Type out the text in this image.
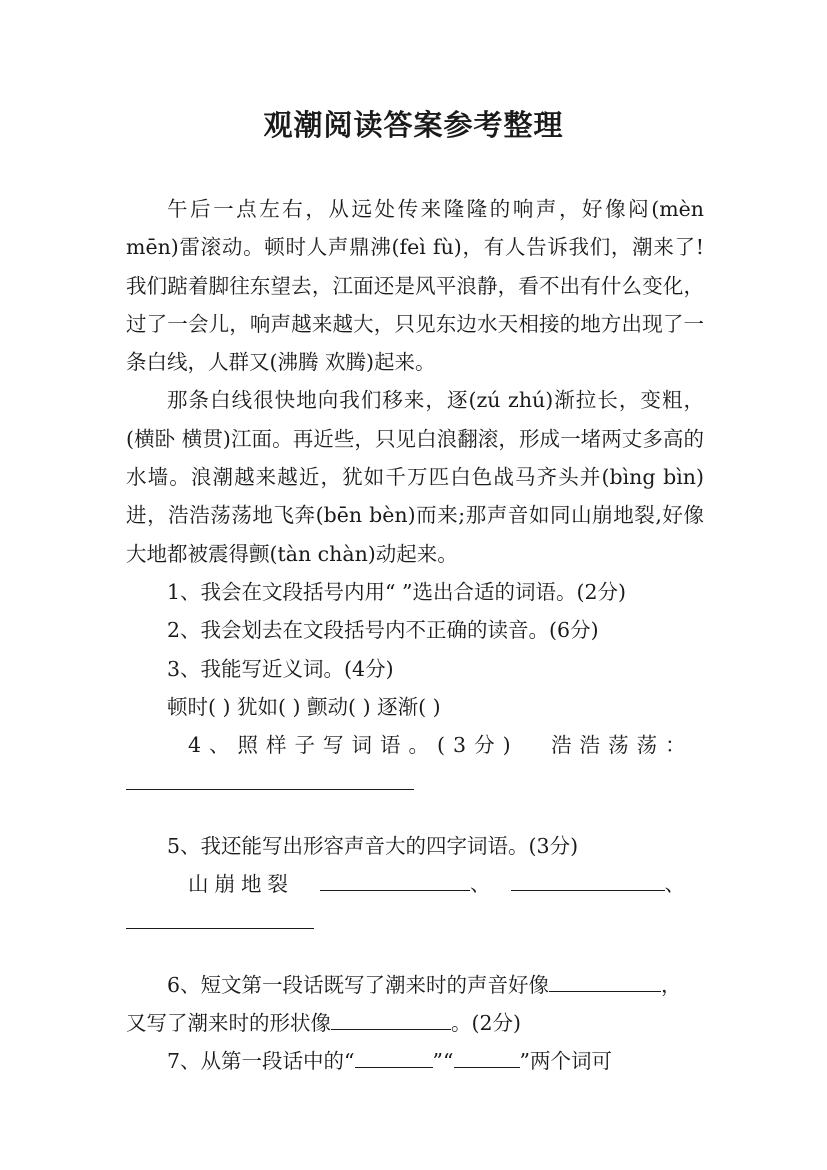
观潮阅读答案参考整理

午后一点左右，从远处传来隆隆的响声，好像闷(mèn mēn)雷滚动。顿时人声鼎沸(feì fù)，有人告诉我们，潮来了!我们踮着脚往东望去，江面还是风平浪静，看不出有什么变化，过了一会儿，响声越来越大，只见东边水天相接的地方出现了一条白线，人群又(沸腾 欢腾)起来。

那条白线很快地向我们移来，逐(zú zhú)渐拉长，变粗，(横卧 横贯)江面。再近些，只见白浪翻滚，形成一堵两丈多高的水墙。浪潮越来越近，犹如千万匹白色战马齐头并(bìng bìn)进，浩浩荡荡地飞奔(bēn bèn)而来;那声音如同山崩地裂,好像大地都被震得颤(tàn chàn)动起来。

1、我会在文段括号内用“ ”选出合适的词语。(2分)

2、我会划去在文段括号内不正确的读音。(6分)

3、我能写近义词。(4分)

顿时( ) 犹如( ) 颤动( ) 逐渐( )

4、照样子写词语。(3分) 浩浩荡荡：

5、我还能写出形容声音大的四字词语。(3分)

山崩地裂	、	、

6、短文第一段话既写了潮来时的声音好像	，

又写了潮来时的形状像	。(2分)

7、从第一段话中的“	”“	”两个词可
